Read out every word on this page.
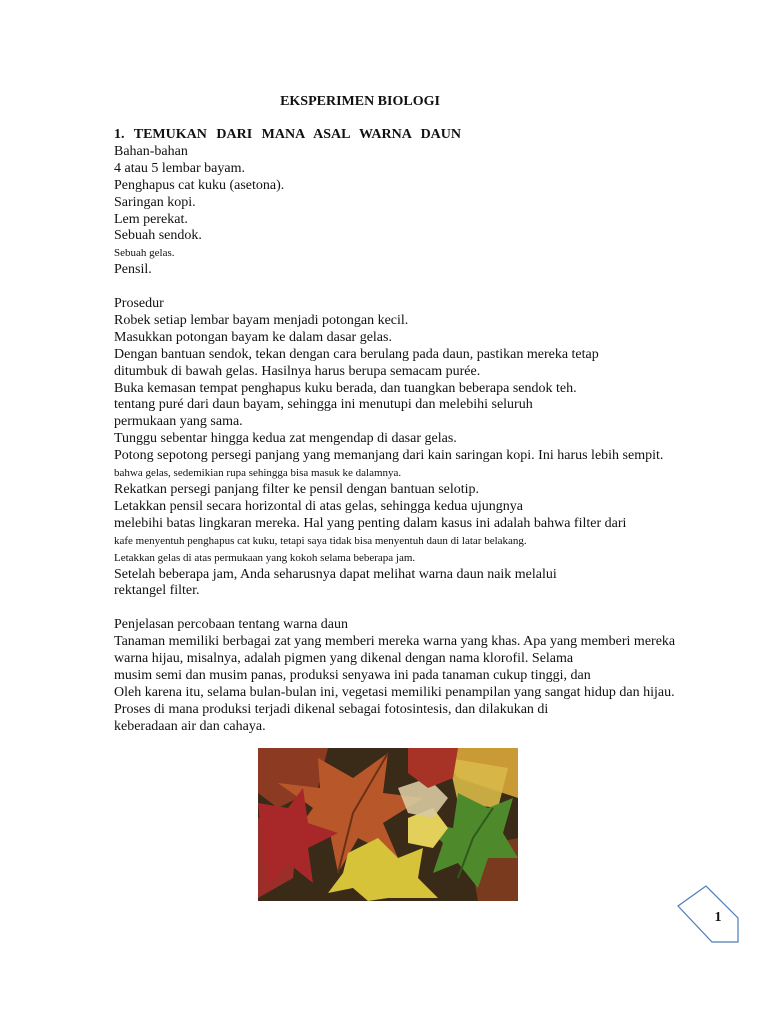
EKSPERIMEN BIOLOGI
1. TEMUKAN DARI MANA ASAL WARNA DAUN
Bahan-bahan
4 atau 5 lembar bayam.
Penghapus cat kuku (asetona).
Saringan kopi.
Lem perekat.
Sebuah sendok.
Sebuah gelas.
Pensil.
Prosedur
Robek setiap lembar bayam menjadi potongan kecil.
Masukkan potongan bayam ke dalam dasar gelas.
Dengan bantuan sendok, tekan dengan cara berulang pada daun, pastikan mereka tetap
ditumbuk di bawah gelas. Hasilnya harus berupa semacam purée.
Buka kemasan tempat penghapus kuku berada, dan tuangkan beberapa sendok teh.
tentang puré dari daun bayam, sehingga ini menutupi dan melebihi seluruh
permukaan yang sama.
Tunggu sebentar hingga kedua zat mengendap di dasar gelas.
Potong sepotong persegi panjang yang memanjang dari kain saringan kopi. Ini harus lebih sempit.
bahwa gelas, sedemikian rupa sehingga bisa masuk ke dalamnya.
Rekatkan persegi panjang filter ke pensil dengan bantuan selotip.
Letakkan pensil secara horizontal di atas gelas, sehingga kedua ujungnya
melebihi batas lingkaran mereka. Hal yang penting dalam kasus ini adalah bahwa filter dari
kafe menyentuh penghapus cat kuku, tetapi saya tidak bisa menyentuh daun di latar belakang.
Letakkan gelas di atas permukaan yang kokoh selama beberapa jam.
Setelah beberapa jam, Anda seharusnya dapat melihat warna daun naik melalui
rektangel filter.
Penjelasan percobaan tentang warna daun
Tanaman memiliki berbagai zat yang memberi mereka warna yang khas. Apa yang memberi mereka
warna hijau, misalnya, adalah pigmen yang dikenal dengan nama klorofil. Selama
musim semi dan musim panas, produksi senyawa ini pada tanaman cukup tinggi, dan
Oleh karena itu, selama bulan-bulan ini, vegetasi memiliki penampilan yang sangat hidup dan hijau.
Proses di mana produksi terjadi dikenal sebagai fotosintesis, dan dilakukan di
keberadaan air dan cahaya.
1
